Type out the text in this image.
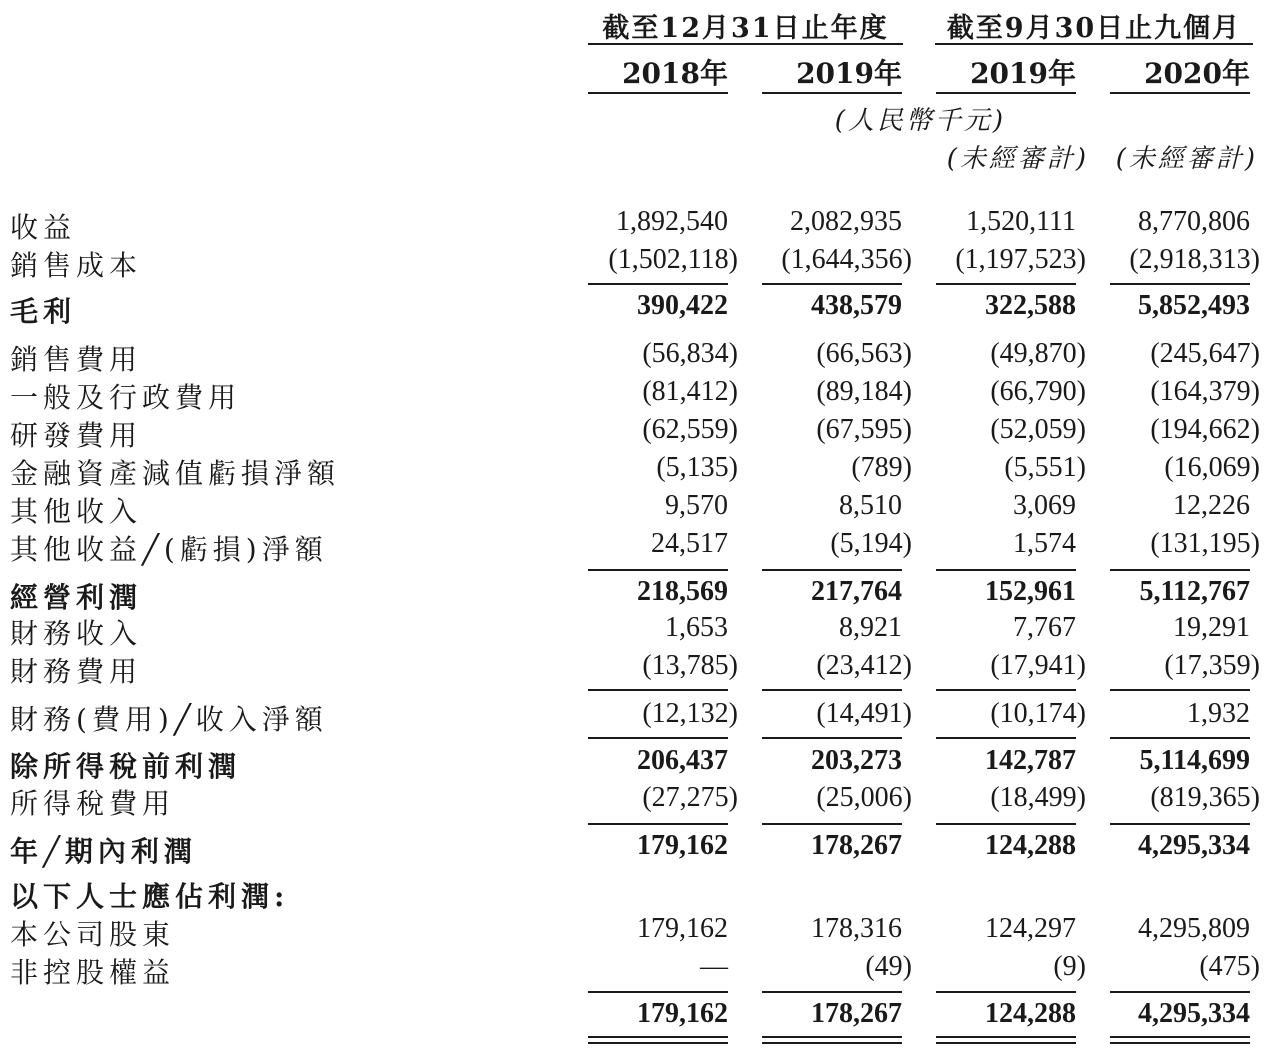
截至12月31日止年度	截至9月30日止九個月
2018年 2019年 2019年 2020年
(人民幣千元)
(未經審計) (未經審計)
收益	1,892,540 2,082,935 1,520,111 8,770,806
銷售成本	(1,502,118) (1,644,356) (1,197,523) (2,918,313)
毛利	390,422	438,579	322,588 5,852,493
銷售費用	(56,834)	(66,563)	(49,870) (245,647)
一般及行政費用	(81,412)	(89,184)	(66,790) (164,379)
研發費用	(62,559)	(67,595)	(52,059) (194,662)
金融資產減值虧損淨額	(5,135)	(789)	(5,551)	(16,069)
其他收入	9,570	8,510	3,069	12,226
其他收益╱(虧損)淨額	24,517	(5,194)	1,574	(131,195)
經營利潤	218,569	217,764	152,961 5,112,767
財務收入	1,653	8,921	7,767	19,291
財務費用	(13,785)	(23,412)	(17,941)	(17,359)
財務(費用)╱收入淨額	(12,132)	(14,491)	(10,174)	1,932
除所得稅前利潤	206,437	203,273	142,787 5,114,699
所得稅費用	(27,275)	(25,006)	(18,499) (819,365)
年╱期內利潤	179,162	178,267	124,288 4,295,334
以下人士應佔利潤:
本公司股東	179,162	178,316	124,297 4,295,809
非控股權益	—	(49)	(9)	(475)
179,162	178,267	124,288 4,295,334
